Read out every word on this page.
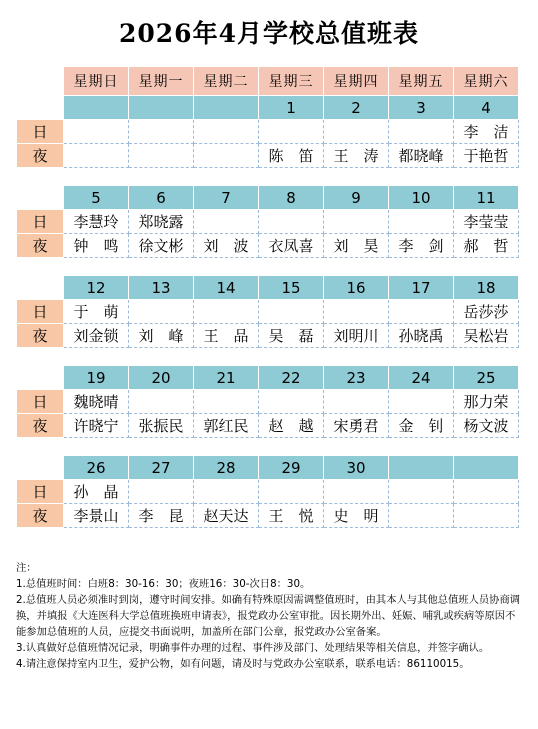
2026年4月学校总值班表
	星期日	星期一	星期二	星期三	星期四	星期五	星期六
				1	2	3	4
日							李　洁
夜				陈　笛	王　涛	都晓峰	于艳哲

	5	6	7	8	9	10	11
日	李慧玲	郑晓露					李莹莹
夜	钟　鸣	徐文彬	刘　波	衣凤喜	刘　昊	李　剑	郝　哲

	12	13	14	15	16	17	18
日	于　萌						岳莎莎
夜	刘金锁	刘　峰	王　品	吴　磊	刘明川	孙晓禹	吴松岩

	19	20	21	22	23	24	25
日	魏晓晴						那力荣
夜	许晓宁	张振民	郭红民	赵　越	宋勇君	金　钊	杨文波

	26	27	28	29	30		
日	孙　晶						
夜	李景山	李　昆	赵天达	王　悦	史　明		
注：
1.总值班时间：白班8：30-16：30；夜班16：30-次日8：30。
2.总值班人员必须准时到岗，遵守时间安排。如确有特殊原因需调整值班时，由其本人与其他总值班人员协商调换，并填报《大连医科大学总值班换班申请表》，报党政办公室审批。因长期外出、妊娠、哺乳或疾病等原因不能参加总值班的人员，应提交书面说明，加盖所在部门公章，报党政办公室备案。
3.认真做好总值班情况记录，明确事件办理的过程、事件涉及部门、处理结果等相关信息，并签字确认。
4.请注意保持室内卫生，爱护公物，如有问题，请及时与党政办公室联系，联系电话：86110015。
